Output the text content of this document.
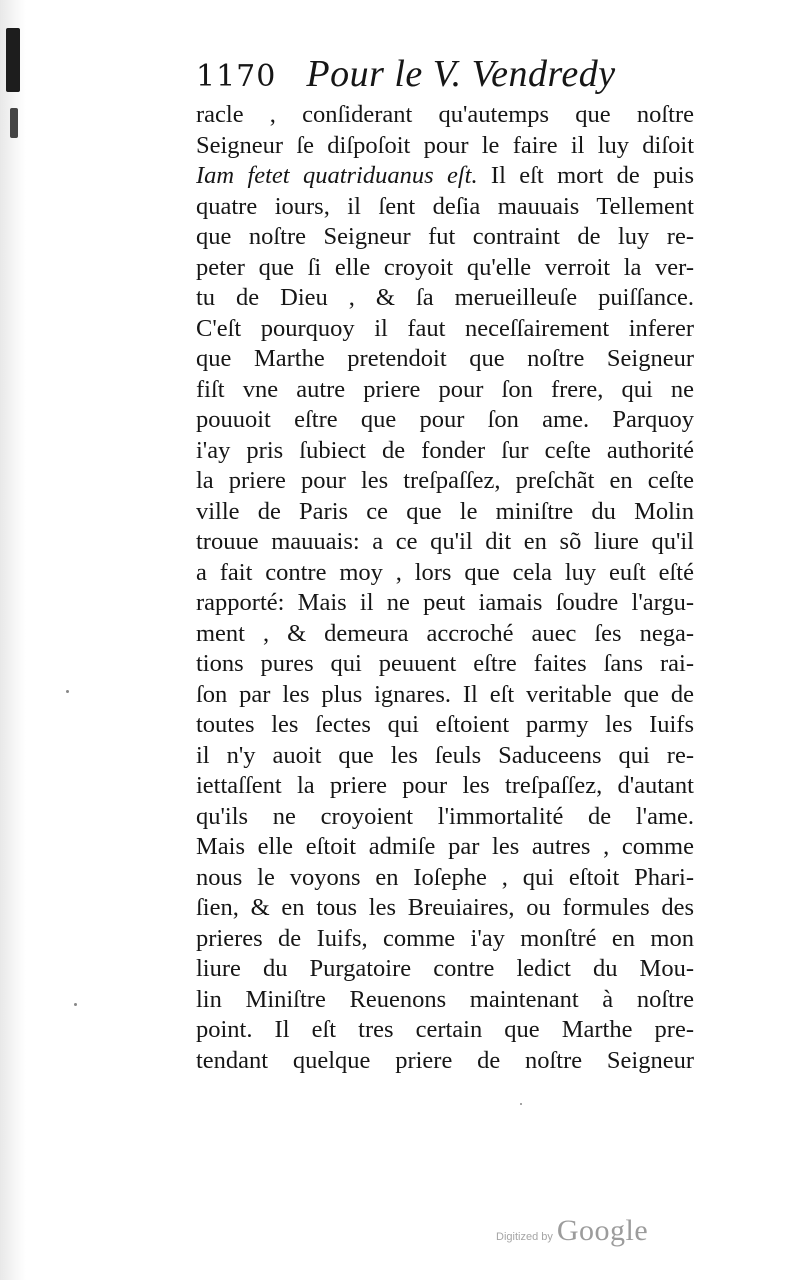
1170 Pour le V. Vendredy
racle , conſiderant qu'autemps que noſtre
Seigneur ſe diſpoſoit pour le faire il luy diſoit
Iam fetet quatriduanus eſt. Il eſt mort de puis
quatre iours, il ſent deſia mauuais Tellement
que noſtre Seigneur fut contraint de luy re-
peter que ſi elle croyoit qu'elle verroit la ver-
tu de Dieu , & ſa merueilleuſe puiſſance.
C'eſt pourquoy il faut neceſſairement inferer
que Marthe pretendoit que noſtre Seigneur
fiſt vne autre priere pour ſon frere, qui ne
pouuoit eſtre que pour ſon ame. Parquoy
i'ay pris ſubiect de fonder ſur ceſte authorité
la priere pour les treſpaſſez, preſchãt en ceſte
ville de Paris ce que le miniſtre du Molin
trouue mauuais: a ce qu'il dit en sõ liure qu'il
a fait contre moy , lors que cela luy euſt eſté
rapporté: Mais il ne peut iamais ſoudre l'argu-
ment , & demeura accroché auec ſes nega-
tions pures qui peuuent eſtre faites ſans rai-
ſon par les plus ignares. Il eſt veritable que de
toutes les ſectes qui eſtoient parmy les Iuifs
il n'y auoit que les ſeuls Saduceens qui re-
iettaſſent la priere pour les treſpaſſez, d'autant
qu'ils ne croyoient l'immortalité de l'ame.
Mais elle eſtoit admiſe par les autres , comme
nous le voyons en Ioſephe , qui eſtoit Phari-
ſien, & en tous les Breuiaires, ou formules des
prieres de Iuifs, comme i'ay monſtré en mon
liure du Purgatoire contre ledict du Mou-
lin Miniſtre Reuenons maintenant à noſtre
point. Il eſt tres certain que Marthe pre-
tendant quelque priere de noſtre Seigneur
Digitized by Google
